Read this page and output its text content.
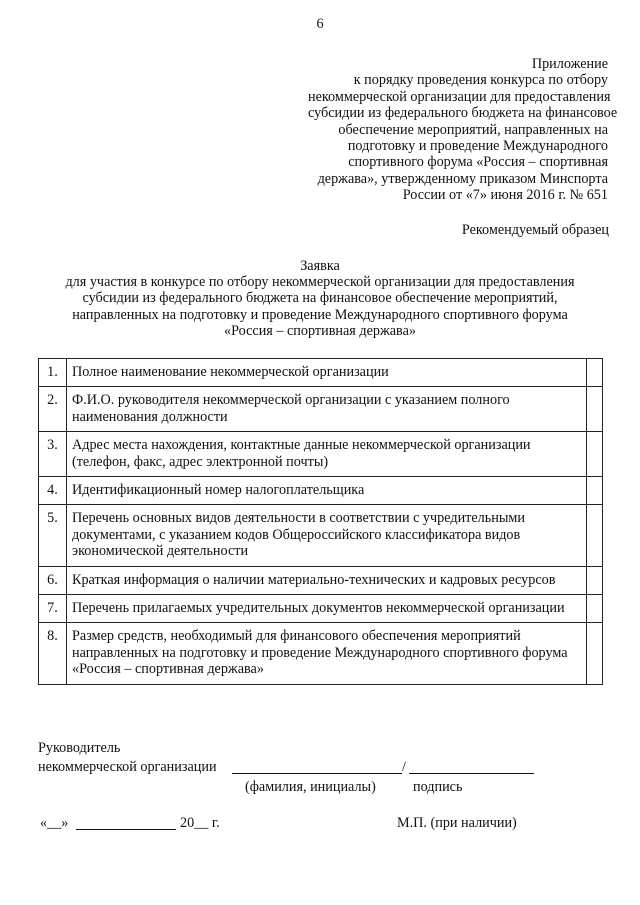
6
Приложение
к порядку проведения конкурса по отбору
некоммерческой организации для предоставления
субсидии из федерального бюджета на финансовое
обеспечение мероприятий, направленных на
подготовку и проведение Международного
спортивного форума «Россия – спортивная
держава», утвержденному приказом Минспорта
России от «7» июня 2016 г. № 651
Рекомендуемый образец
Заявка
для участия в конкурсе по отбору некоммерческой организации для предоставления
субсидии из федерального бюджета на финансовое обеспечение мероприятий,
направленных на подготовку и проведение Международного спортивного форума
«Россия – спортивная держава»
1.	Полное наименование некоммерческой организации	
2.	Ф.И.О. руководителя некоммерческой организации с указанием полного наименования должности	
3.	Адрес места нахождения, контактные данные некоммерческой организации (телефон, факс, адрес электронной почты)	
4.	Идентификационный номер налогоплательщика	
5.	Перечень основных видов деятельности в соответствии с учредительными документами, с указанием кодов Общероссийского классификатора видов экономической деятельности	
6.	Краткая информация о наличии материально-технических и кадровых ресурсов	
7.	Перечень прилагаемых учредительных документов некоммерческой организации	
8.	Размер средств, необходимый для финансового обеспечения мероприятий направленных на подготовку и проведение Международного спортивного форума «Россия – спортивная держава»	
Руководитель
некоммерческой организации	/
(фамилия, инициалы)	подпись
«__»	20__ г.	М.П. (при наличии)
